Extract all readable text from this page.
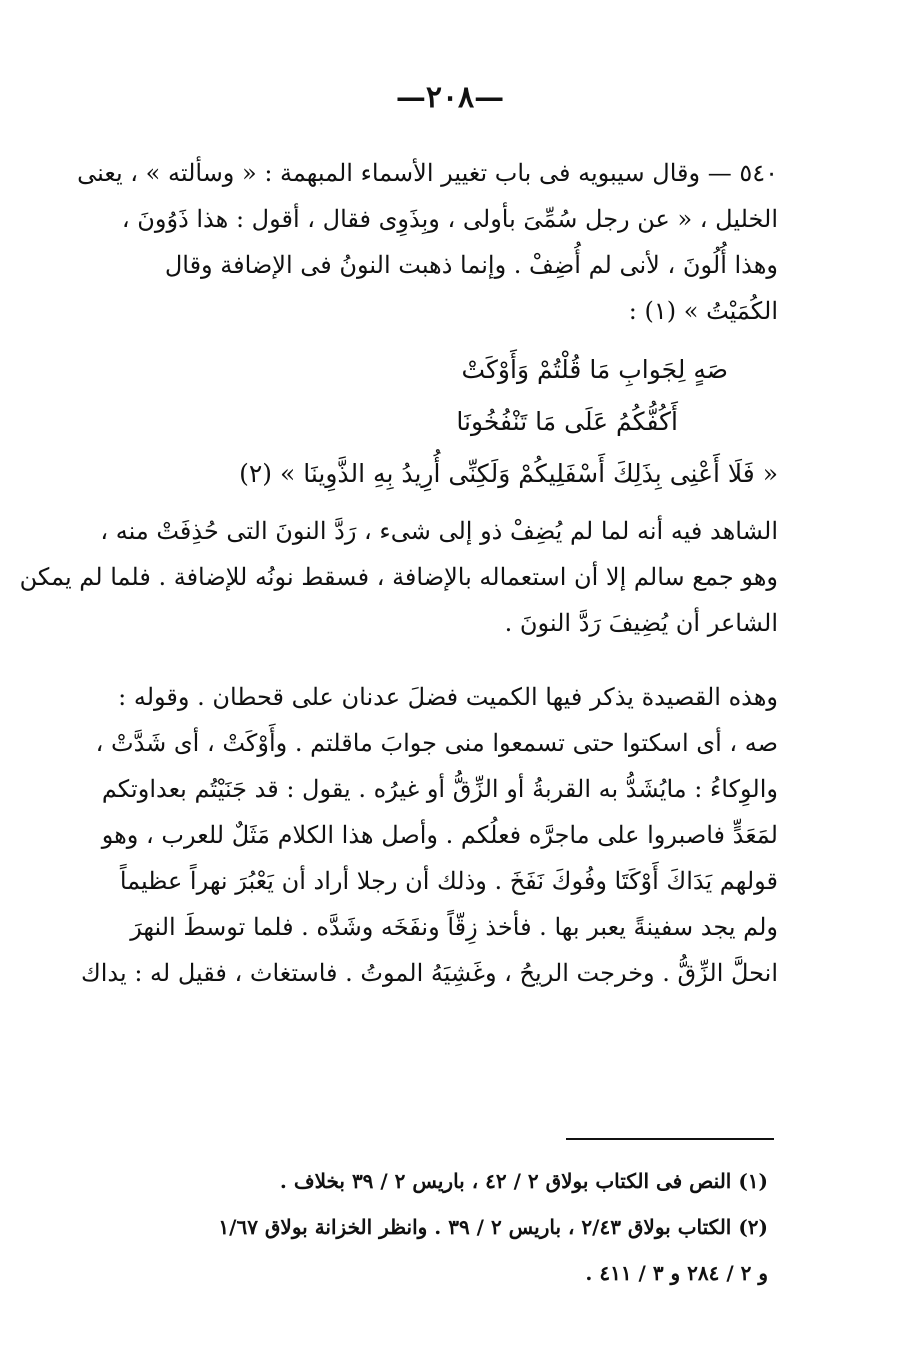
—٢٠٨—

٥٤٠ — وقال سيبويه فى باب تغيير الأسماء المبهمة : « وسألته » ، يعنى
الخليل ، « عن رجل سُمِّىَ بأولى ، وبِذَوِى فقال ، أقول : هذا ذَوُونَ ،
وهذا أُلُونَ ، لأنى لم أُضِفْ . وإنما ذهبت النونُ فى الإضافة وقال
الكُمَيْتُ » (١) :

صَهٍ لِجَوابِ مَا قُلْتُمْ وَأَوْكَتْ
أَكُفُّكُمُ عَلَى مَا تَنْفُخُونَا
« فَلَا أَعْنِى بِذَلِكَ أَسْفَلِيكُمْ وَلَكِنِّى أُرِيدُ بِهِ الذَّوِينَا » (٢)

الشاهد فيه أنه لما لم يُضِفْ ذو إلى شىء ، رَدَّ النونَ التى حُذِفَتْ منه ،
وهو جمع سالم إلا أن استعماله بالإضافة ، فسقط نونُه للإضافة . فلما لم يمكن
الشاعر أن يُضِيفَ رَدَّ النونَ .

وهذه القصيدة يذكر فيها الكميت فضلَ عدنان على قحطان . وقوله :
صه ، أى اسكتوا حتى تسمعوا منى جوابَ ماقلتم . وأَوْكَتْ ، أى شَدَّتْ ،
والوِكاءُ : مايُشَدُّ به القربةُ أو الزِّقُّ أو غيرُه . يقول : قد جَنَيْتُم بعداوتكم
لمَعَدٍّ فاصبروا على ماجرَّه فعلُكم . وأصل هذا الكلام مَثَلٌ للعرب ، وهو
قولهم يَدَاكَ أَوْكَتَا وفُوكَ نَفَخَ . وذلك أن رجلا أراد أن يَعْبُرَ نهراً عظيماً
ولم يجد سفينةً يعبر بها . فأخذ زِقّاً ونفَخَه وشَدَّه . فلما توسطَ النهرَ
انحلَّ الزِّقُّ . وخرجت الريحُ ، وغَشِيَهُ الموتُ . فاستغاث ، فقيل له : يداك

(١) النص فى الكتاب بولاق ٢ / ٤٢ ، باريس ٢ / ٣٩ بخلاف .
(٢) الكتاب بولاق ٢/٤٣ ، باريس ٢ / ٣٩ . وانظر الخزانة بولاق ١/٦٧
و ٢ / ٢٨٤ و ٣ / ٤١١ .
